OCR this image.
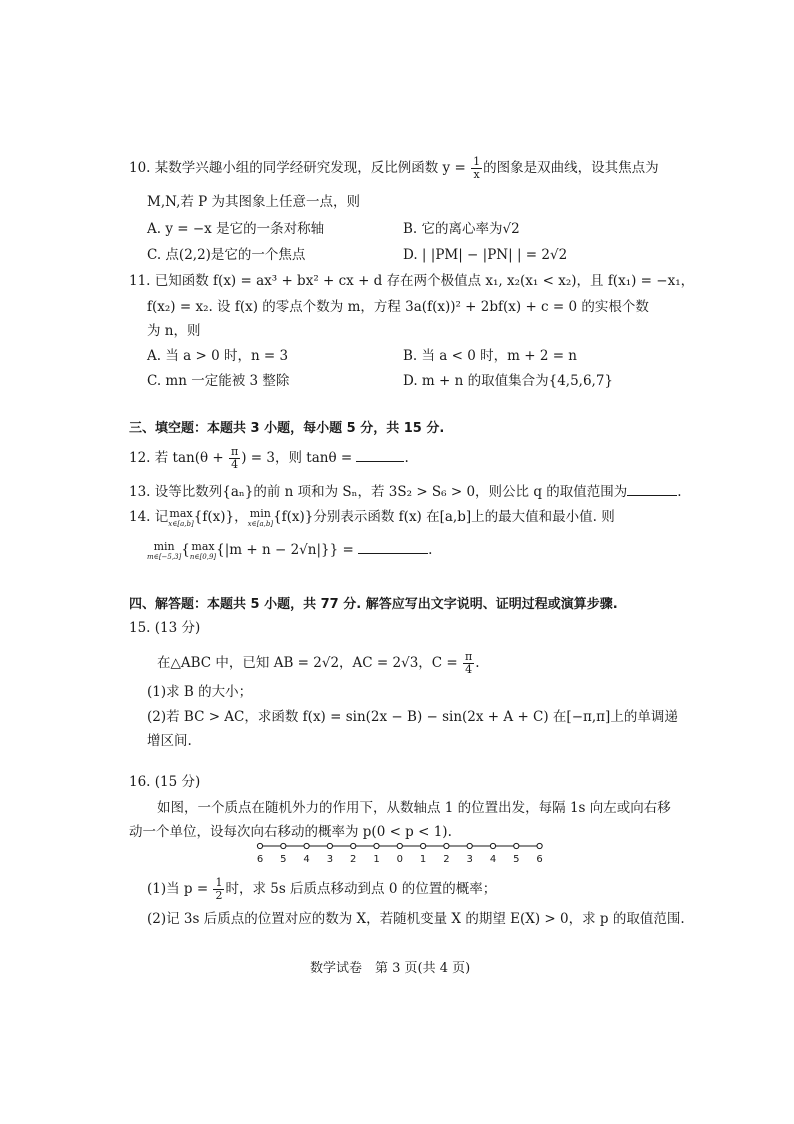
10. 某数学兴趣小组的同学经研究发现，反比例函数 $y = \frac{1}{x}$ 的图象是双曲线，设其焦点为
M,N,若 P 为其图象上任意一点，则
A. y = −x 是它的一条对称轴	B. 它的离心率为√2
C. 点(2,2)是它的一个焦点	D. | |PM| − |PN| | = 2√2
11. 已知函数 f(x) = ax³ + bx² + cx + d 存在两个极值点 x₁, x₂(x₁ < x₂)，且 f(x₁) = −x₁，
f(x₂) = x₂. 设 f(x) 的零点个数为 m，方程 3a(f(x))² + 2bf(x) + c = 0 的实根个数
为 n，则
A. 当 a > 0 时，n = 3	B. 当 a < 0 时，m + 2 = n
C. mn 一定能被 3 整除	D. m + n 的取值集合为{4,5,6,7}
三、填空题：本题共 3 小题，每小题 5 分，共 15 分.
12. 若 $\tan(\theta + \frac{\pi}{4}$ ) = 3，则 tanθ =	.
13. 设等比数列{aₙ}的前 n 项和为 Sₙ，若 3S₂ > S₆ > 0，则公比 q 的取值范围为	.
14. 记 max
x∈[a,b] {f(x)}， min
x∈[a,b] {f(x)}分别表示函数 f(x) 在[a,b]上的最大值和最小值. 则
min
m∈[−5,3] { max
n∈[0,9] {|m + n − 2√n|}} =	.
四、解答题：本题共 5 小题，共 77 分. 解答应写出文字说明、证明过程或演算步骤.
15. (13 分)
在△ABC 中，已知 AB = 2√2，AC = 2√3，$C = \frac{\pi}{4}$ .
(1)求 B 的大小；
(2)若 BC > AC，求函数 f(x) = sin(2x − B) − sin(2x + A + C) 在[−π,π]上的单调递
增区间.
16. (15 分)
如图，一个质点在随机外力的作用下，从数轴点 1 的位置出发，每隔 1s 向左或向右移
动一个单位，设每次向右移动的概率为 p(0 < p < 1).
6 5 4 3 2 1 0 1 2 3 4 5 6
(1)当 $p = \frac{1}{2}$ 时，求 5s 后质点移动到点 0 的位置的概率；
(2)记 3s 后质点的位置对应的数为 X，若随机变量 X 的期望 E(X) > 0，求 p 的取值范围.
数学试卷　第 3 页(共 4 页)
